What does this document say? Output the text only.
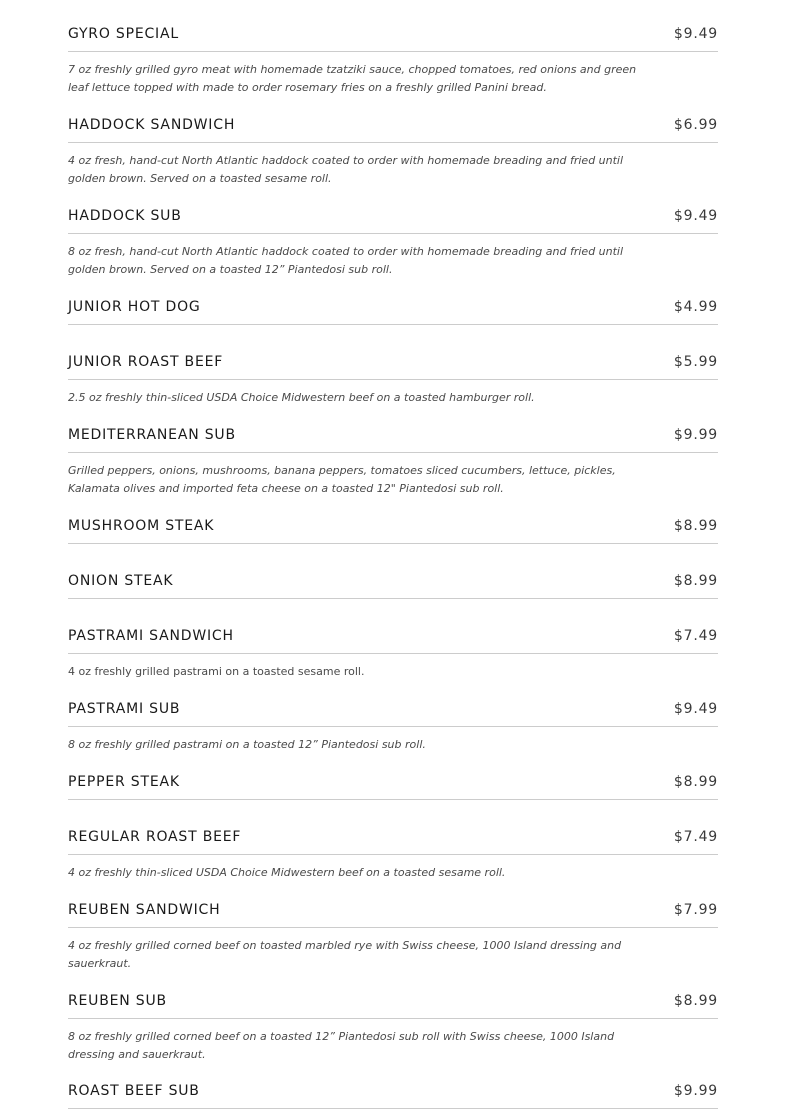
GYRO SPECIAL	$9.49
7 oz freshly grilled gyro meat with homemade tzatziki sauce, chopped tomatoes, red onions and green leaf lettuce topped with made to order rosemary fries on a freshly grilled Panini bread.
HADDOCK SANDWICH	$6.99
4 oz fresh, hand-cut North Atlantic haddock coated to order with homemade breading and fried until golden brown. Served on a toasted sesame roll.
HADDOCK SUB	$9.49
8 oz fresh, hand-cut North Atlantic haddock coated to order with homemade breading and fried until golden brown. Served on a toasted 12” Piantedosi sub roll.
JUNIOR HOT DOG	$4.99
JUNIOR ROAST BEEF	$5.99
2.5 oz freshly thin-sliced USDA Choice Midwestern beef on a toasted hamburger roll.
MEDITERRANEAN SUB	$9.99
Grilled peppers, onions, mushrooms, banana peppers, tomatoes sliced cucumbers, lettuce, pickles, Kalamata olives and imported feta cheese on a toasted 12" Piantedosi sub roll.
MUSHROOM STEAK	$8.99
ONION STEAK	$8.99
PASTRAMI SANDWICH	$7.49
4 oz freshly grilled pastrami on a toasted sesame roll.
PASTRAMI SUB	$9.49
8 oz freshly grilled pastrami on a toasted 12” Piantedosi sub roll.
PEPPER STEAK	$8.99
REGULAR ROAST BEEF	$7.49
4 oz freshly thin-sliced USDA Choice Midwestern beef on a toasted sesame roll.
REUBEN SANDWICH	$7.99
4 oz freshly grilled corned beef on toasted marbled rye with Swiss cheese, 1000 Island dressing and sauerkraut.
REUBEN SUB	$8.99
8 oz freshly grilled corned beef on a toasted 12” Piantedosi sub roll with Swiss cheese, 1000 Island dressing and sauerkraut.
ROAST BEEF SUB	$9.99
